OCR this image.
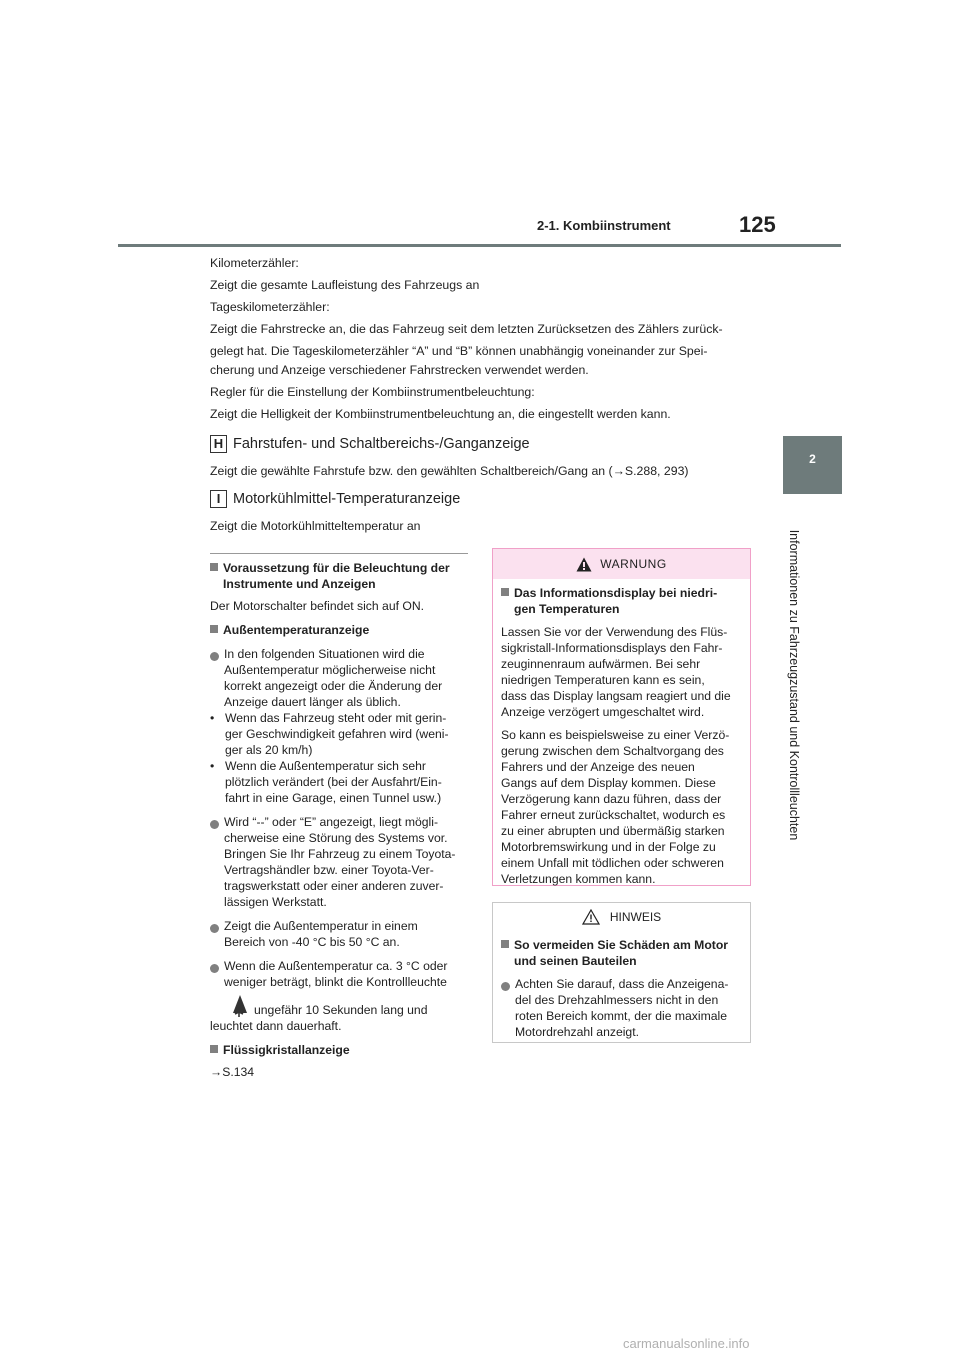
2-1. Kombiinstrument	125
2
Informationen zu Fahrzeugzustand und Kontrollleuchten
Kilometerzähler:
Zeigt die gesamte Laufleistung des Fahrzeugs an
Tageskilometerzähler:
Zeigt die Fahrstrecke an, die das Fahrzeug seit dem letzten Zurücksetzen des Zählers zurück-
gelegt hat. Die Tageskilometerzähler “A” und “B” können unabhängig voneinander zur Spei-
cherung und Anzeige verschiedener Fahrstrecken verwendet werden.
Regler für die Einstellung der Kombiinstrumentbeleuchtung:
Zeigt die Helligkeit der Kombiinstrumentbeleuchtung an, die eingestellt werden kann.
H Fahrstufen- und Schaltbereichs-/Ganganzeige
Zeigt die gewählte Fahrstufe bzw. den gewählten Schaltbereich/Gang an (→S.288, 293)
I Motorkühlmittel-Temperaturanzeige
Zeigt die Motorkühlmitteltemperatur an
Voraussetzung für die Beleuchtung der
Instrumente und Anzeigen
Der Motorschalter befindet sich auf ON.
Außentemperaturanzeige
In den folgenden Situationen wird die
Außentemperatur möglicherweise nicht
korrekt angezeigt oder die Änderung der
Anzeige dauert länger als üblich.
• Wenn das Fahrzeug steht oder mit gerin-
ger Geschwindigkeit gefahren wird (weni-
ger als 20 km/h)
• Wenn die Außentemperatur sich sehr
plötzlich verändert (bei der Ausfahrt/Ein-
fahrt in eine Garage, einen Tunnel usw.)
Wird “--” oder “E” angezeigt, liegt mögli-
cherweise eine Störung des Systems vor.
Bringen Sie Ihr Fahrzeug zu einem Toyota-
Vertragshändler bzw. einer Toyota-Ver-
tragswerkstatt oder einer anderen zuver-
lässigen Werkstatt.
Zeigt die Außentemperatur in einem
Bereich von -40 °C bis 50 °C an.
Wenn die Außentemperatur ca. 3 °C oder
weniger beträgt, blinkt die Kontrollleuchte
ungefähr 10 Sekunden lang und
leuchtet dann dauerhaft.
Flüssigkristallanzeige
→S.134
WARNUNG

Das Informationsdisplay bei niedri-
gen Temperaturen

Lassen Sie vor der Verwendung des Flüs-
sigkristall-Informationsdisplays den Fahr-
zeuginnenraum aufwärmen. Bei sehr
niedrigen Temperaturen kann es sein,
dass das Display langsam reagiert und die
Anzeige verzögert umgeschaltet wird.

So kann es beispielsweise zu einer Verzö-
gerung zwischen dem Schaltvorgang des
Fahrers und der Anzeige des neuen
Gangs auf dem Display kommen. Diese
Verzögerung kann dazu führen, dass der
Fahrer erneut zurückschaltet, wodurch es
zu einer abrupten und übermäßig starken
Motorbremswirkung und in der Folge zu
einem Unfall mit tödlichen oder schweren
Verletzungen kommen kann.

HINWEIS

So vermeiden Sie Schäden am Motor
und seinen Bauteilen

Achten Sie darauf, dass die Anzeigena-
del des Drehzahlmessers nicht in den
roten Bereich kommt, der die maximale
Motordrehzahl anzeigt.
carmanualsonline.info
